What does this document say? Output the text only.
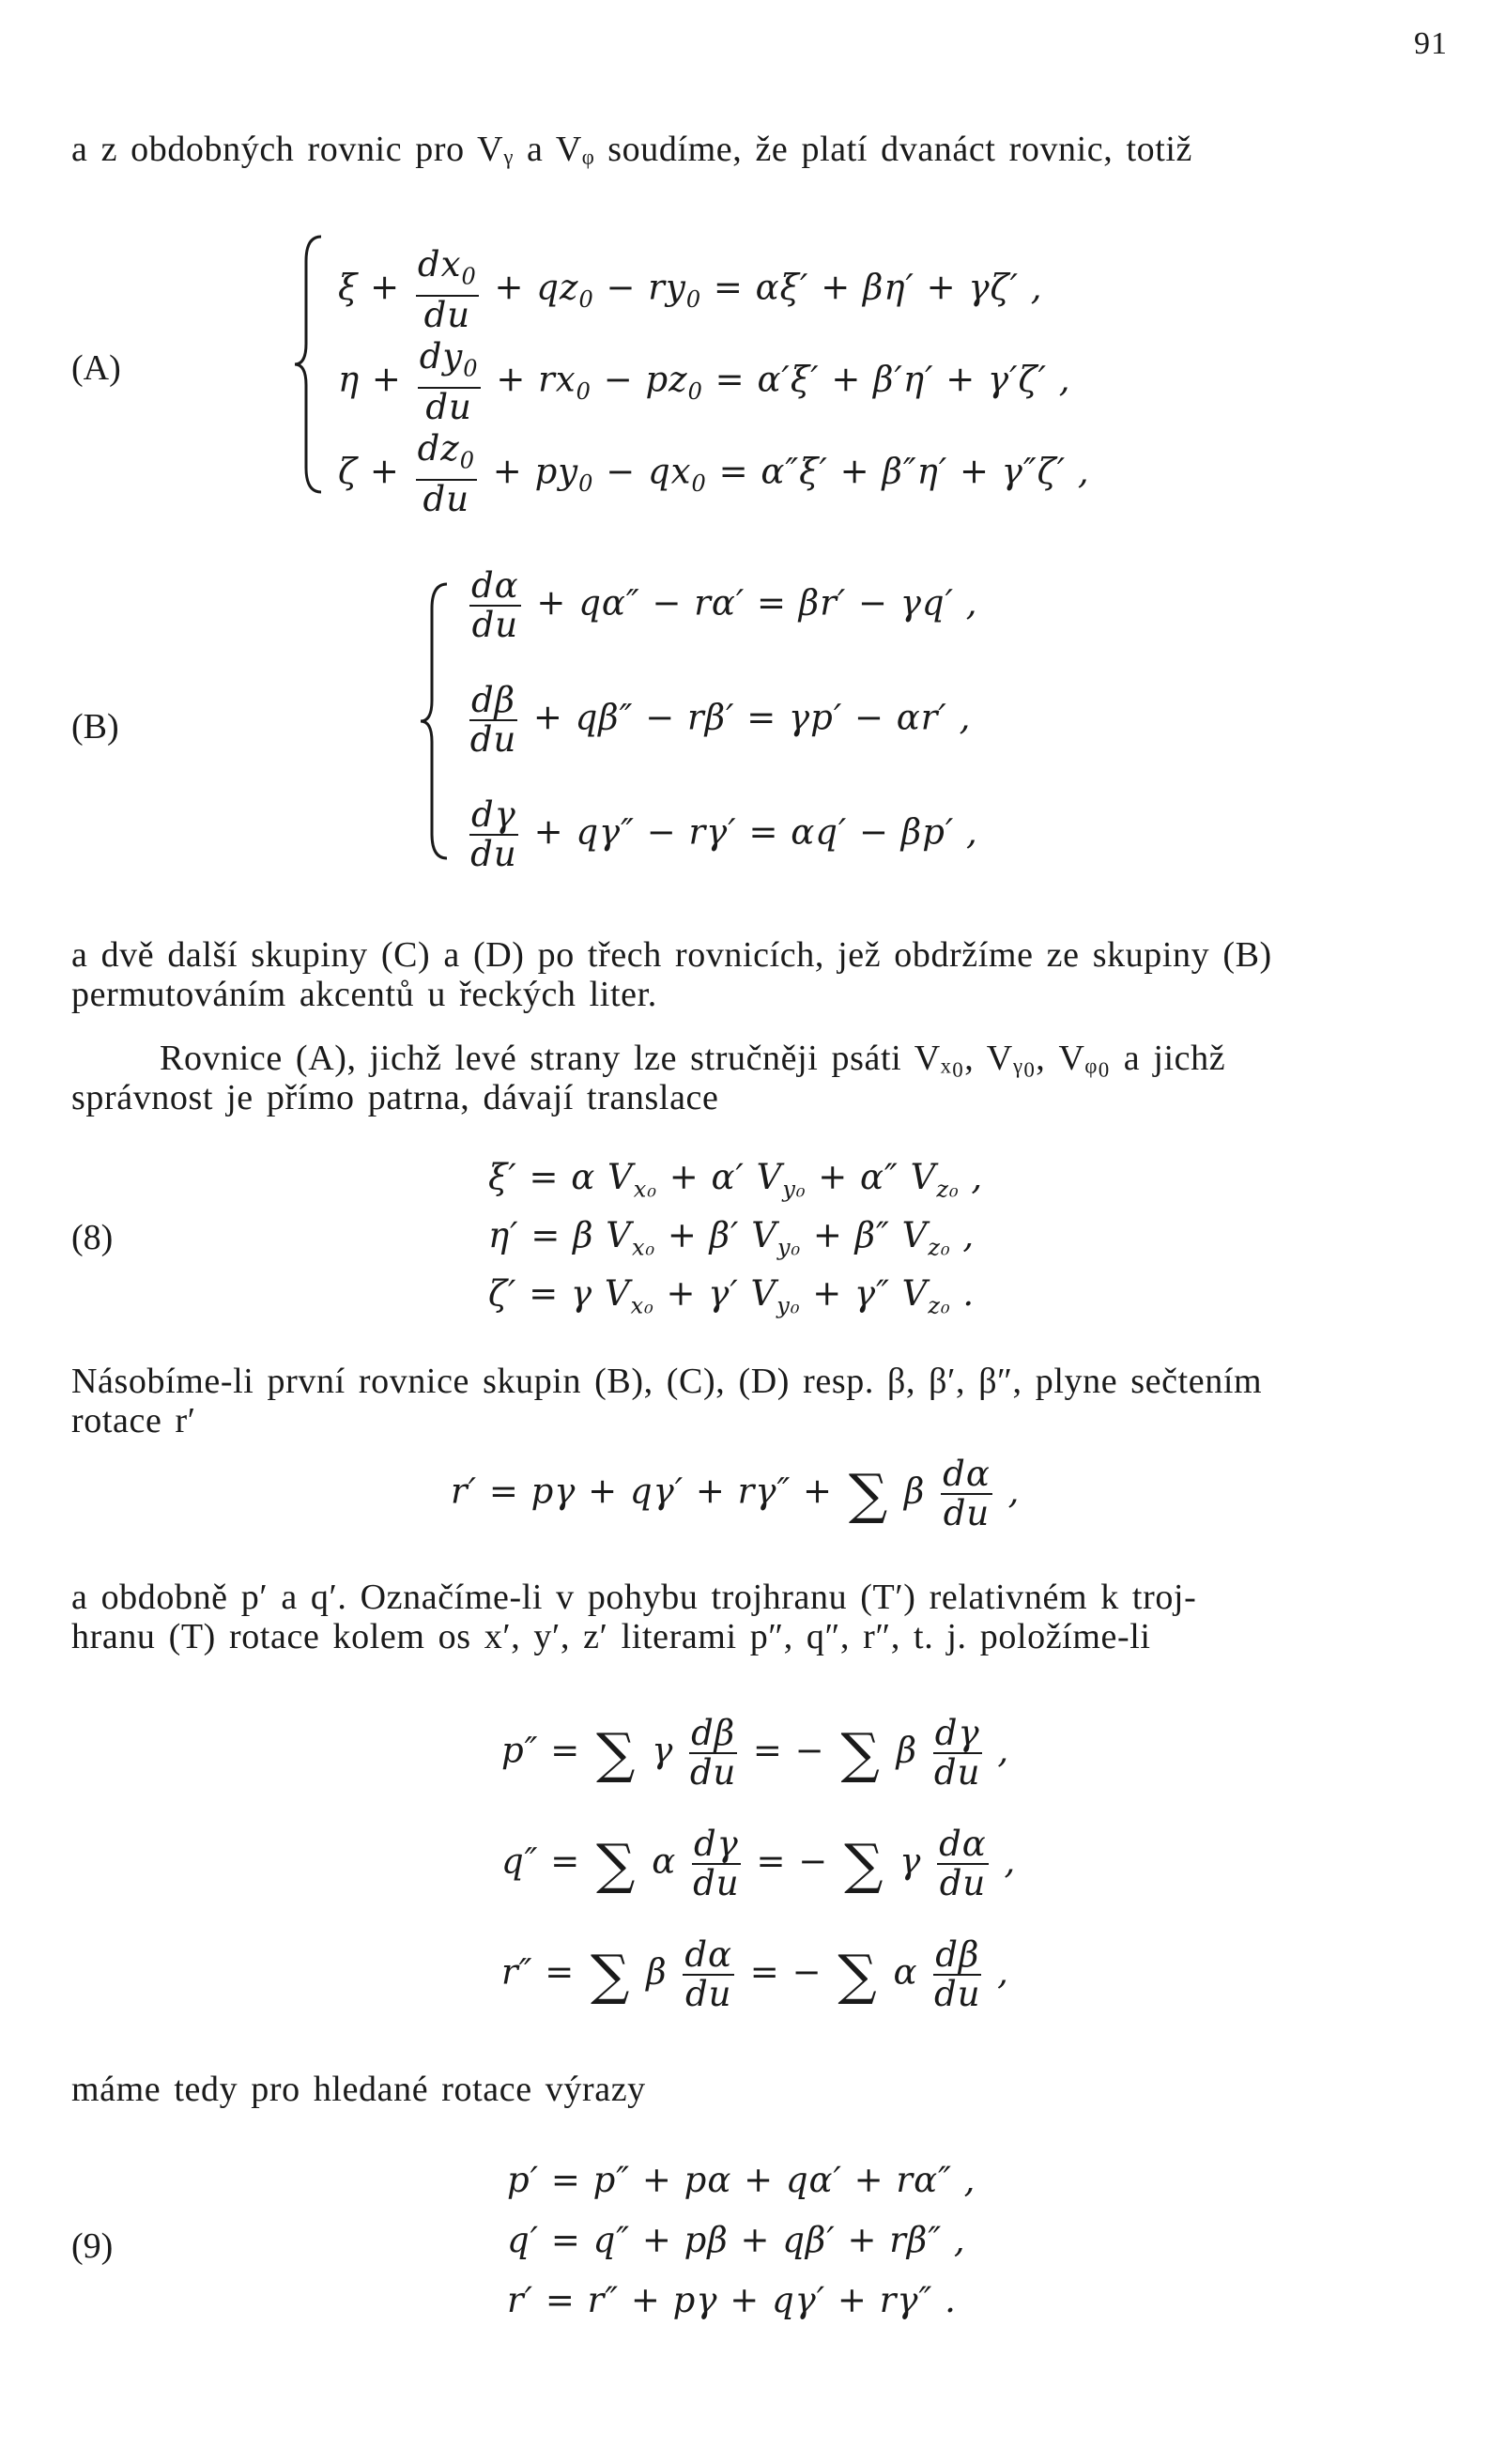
91
a z obdobných rovnic pro Vᵧ a Vᵩ soudíme, že platí dvanáct rovnic, totiž
(A)
$\xi + \frac{dx_0}{du} + qz_0 - ry_0 = \alpha\xi' + \beta\eta' + \gamma\zeta'$ ,
$\eta + \frac{dy_0}{du} + rx_0 - pz_0 = \alpha'\xi' + \beta'\eta' + \gamma'\zeta'$ ,
$\zeta + \frac{dz_0}{du} + py_0 - qx_0 = \alpha''\xi' + \beta''\eta' + \gamma''\zeta'$ ,
(B)
$\frac{d\alpha}{du} + q\alpha'' - r\alpha' = \beta r' - \gamma q'$ ,
$\frac{d\beta}{du} + q\beta'' - r\beta' = \gamma p' - \alpha r'$ ,
$\frac{d\gamma}{du} + q\gamma'' - r\gamma' = \alpha q' - \beta p'$ ,
a dvě další skupiny (C) a (D) po třech rovnicích, jež obdržíme ze skupiny (B)
permutováním akcentů u řeckých liter.
Rovnice (A), jichž levé strany lze stručněji psáti Vₓ₀, Vᵧ₀, Vᵩ₀ a jichž
správnost je přímo patrna, dávají translace
(8)
ξ′ = α $V_{x_0} + \alpha'$ $V_{y_0} + \alpha''$ $V_{z_0}$ ,
η′ = β $V_{x_0} + \beta'$ $V_{y_0} + \beta''$ $V_{z_0}$ ,
ζ′ = γ $V_{x_0} + \gamma'$ $V_{y_0} + \gamma''$ $V_{z_0}$ .
Násobíme-li první rovnice skupin (B), (C), (D) resp. β, β′, β″, plyne sečtením
rotace r′
r′ = pγ + qγ′ + rγ″ + ∑ β $\frac{d\alpha}{du}$ ,
a obdobně p′ a q′. Označíme-li v pohybu trojhranu (T′) relativném k troj-
hranu (T) rotace kolem os x′, y′, z′ literami p″, q″, r″, t. j. položíme-li
p″ = ∑ γ $\frac{d\beta}{du}$ = − ∑ β $\frac{d\gamma}{du}$ ,
q″ = ∑ α $\frac{d\gamma}{du}$ = − ∑ γ $\frac{d\alpha}{du}$ ,
r″ = ∑ β $\frac{d\alpha}{du}$ = − ∑ α $\frac{d\beta}{du}$ ,
máme tedy pro hledané rotace výrazy
(9)
p′ = p″ + pα + qα′ + rα″ ,
q′ = q″ + pβ + qβ′ + rβ″ ,
r′ = r″ + pγ + qγ′ + rγ″ .
